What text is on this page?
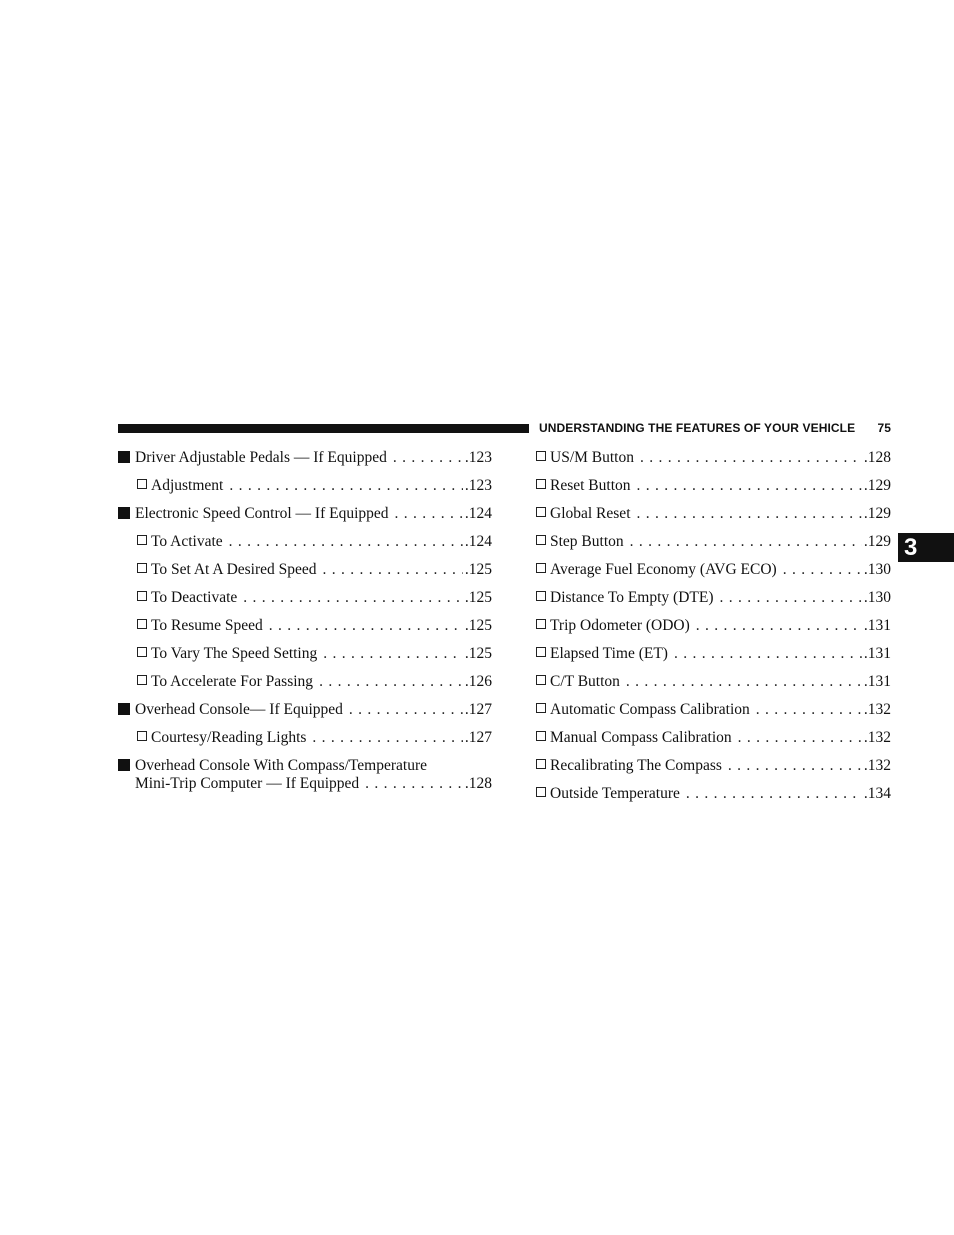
UNDERSTANDING THE FEATURES OF YOUR VEHICLE 75
3
Driver Adjustable Pedals — If Equipped . . .	.123
Adjustment . . .	.123
Electronic Speed Control — If Equipped . . .	.124
To Activate . . .	.124
To Set At A Desired Speed . . .	.125
To Deactivate . . .	.125
To Resume Speed . . .	.125
To Vary The Speed Setting . . .	.125
To Accelerate For Passing . . .	.126
Overhead Console— If Equipped . . .	.127
Courtesy/Reading Lights . . .	.127
Overhead Console With Compass/Temperature
Mini-Trip Computer — If Equipped . . .	.128
US/M Button . . .	.128
Reset Button . . .	.129
Global Reset . . .	.129
Step Button . . .	.129
Average Fuel Economy (AVG ECO) . . .	.130
Distance To Empty (DTE) . . .	.130
Trip Odometer (ODO) . . .	.131
Elapsed Time (ET) . . .	.131
C/T Button . . .	.131
Automatic Compass Calibration . . .	.132
Manual Compass Calibration . . .	.132
Recalibrating The Compass . . .	.132
Outside Temperature . . .	.134
